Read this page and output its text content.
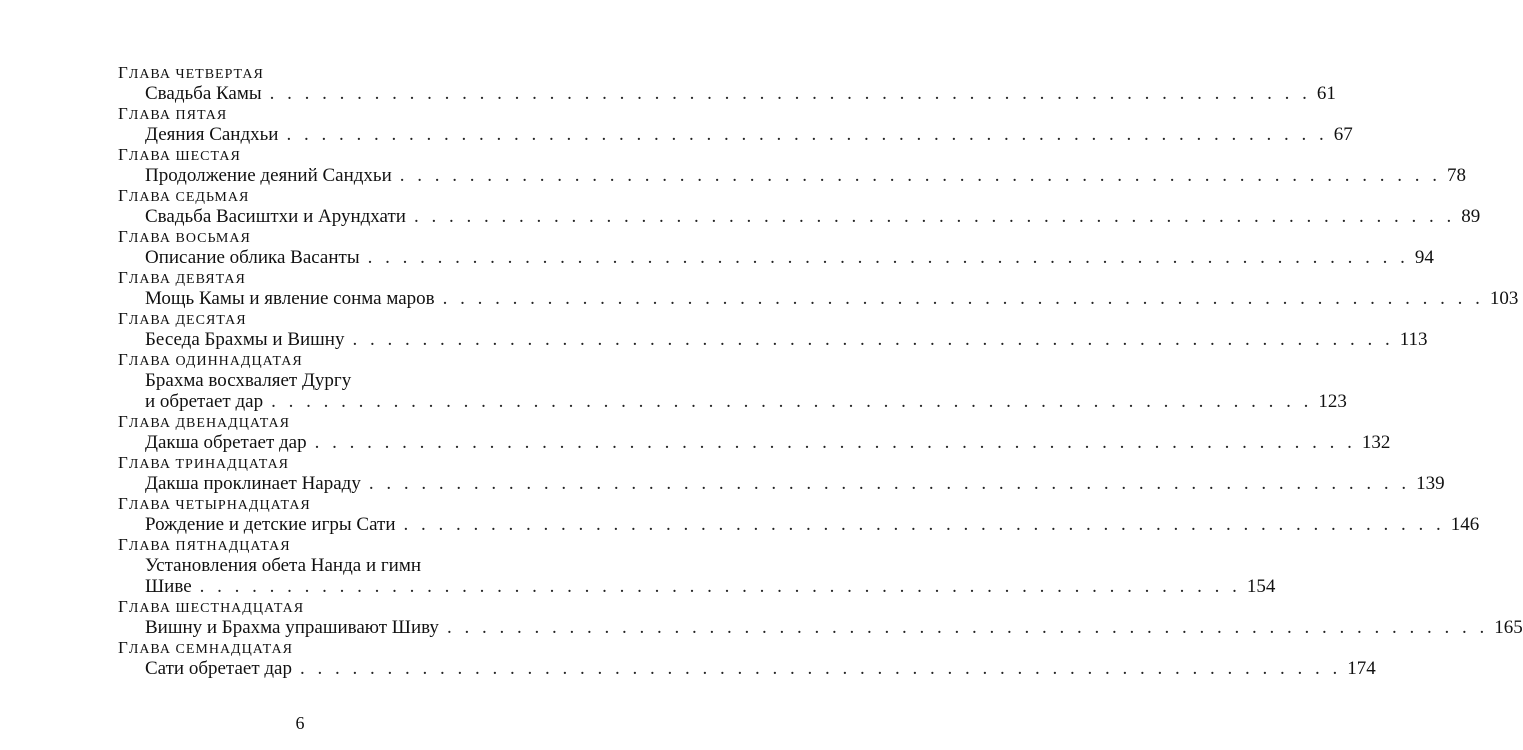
ГЛАВА ЧЕТВЕРТАЯ
Свадьба Камы . . . . . . . . . . . . . . . . . . . . . . . . . . . . . . . . . . . . . . . . . . . . . . . . . . . . . . . . . . . . 61
ГЛАВА ПЯТАЯ
Деяния Сандхьи . . . . . . . . . . . . . . . . . . . . . . . . . . . . . . . . . . . . . . . . . . . . . . . . . . . . . . . . . . . . 67
ГЛАВА ШЕСТАЯ
Продолжение деяний Сандхьи . . . . . . . . . . . . . . . . . . . . . . . . . . . . . . . . . . . . . . . . . . . . . . . . . . . . . . . . . . . . 78
ГЛАВА СЕДЬМАЯ
Свадьба Васиштхи и Арундхати . . . . . . . . . . . . . . . . . . . . . . . . . . . . . . . . . . . . . . . . . . . . . . . . . . . . . . . . . . . . 89
ГЛАВА ВОСЬМАЯ
Описание облика Васанты . . . . . . . . . . . . . . . . . . . . . . . . . . . . . . . . . . . . . . . . . . . . . . . . . . . . . . . . . . . . 94
ГЛАВА ДЕВЯТАЯ
Мощь Камы и явление сонма маров . . . . . . . . . . . . . . . . . . . . . . . . . . . . . . . . . . . . . . . . . . . . . . . . . . . . . . . . . . . . 103
ГЛАВА ДЕСЯТАЯ
Беседа Брахмы и Вишну . . . . . . . . . . . . . . . . . . . . . . . . . . . . . . . . . . . . . . . . . . . . . . . . . . . . . . . . . . . . 113
ГЛАВА ОДИННАДЦАТАЯ
Брахма восхваляет Дургу
и обретает дар . . . . . . . . . . . . . . . . . . . . . . . . . . . . . . . . . . . . . . . . . . . . . . . . . . . . . . . . . . . . 123
ГЛАВА ДВЕНАДЦАТАЯ
Дакша обретает дар . . . . . . . . . . . . . . . . . . . . . . . . . . . . . . . . . . . . . . . . . . . . . . . . . . . . . . . . . . . . 132
ГЛАВА ТРИНАДЦАТАЯ
Дакша проклинает Нараду . . . . . . . . . . . . . . . . . . . . . . . . . . . . . . . . . . . . . . . . . . . . . . . . . . . . . . . . . . . . 139
ГЛАВА ЧЕТЫРНАДЦАТАЯ
Рождение и детские игры Сати . . . . . . . . . . . . . . . . . . . . . . . . . . . . . . . . . . . . . . . . . . . . . . . . . . . . . . . . . . . . 146
ГЛАВА ПЯТНАДЦАТАЯ
Установления обета Нанда и гимн
Шиве . . . . . . . . . . . . . . . . . . . . . . . . . . . . . . . . . . . . . . . . . . . . . . . . . . . . . . . . . . . . 154
ГЛАВА ШЕСТНАДЦАТАЯ
Вишну и Брахма упрашивают Шиву . . . . . . . . . . . . . . . . . . . . . . . . . . . . . . . . . . . . . . . . . . . . . . . . . . . . . . . . . . . . 165
ГЛАВА СЕМНАДЦАТАЯ
Сати обретает дар . . . . . . . . . . . . . . . . . . . . . . . . . . . . . . . . . . . . . . . . . . . . . . . . . . . . . . . . . . . . 174
6
